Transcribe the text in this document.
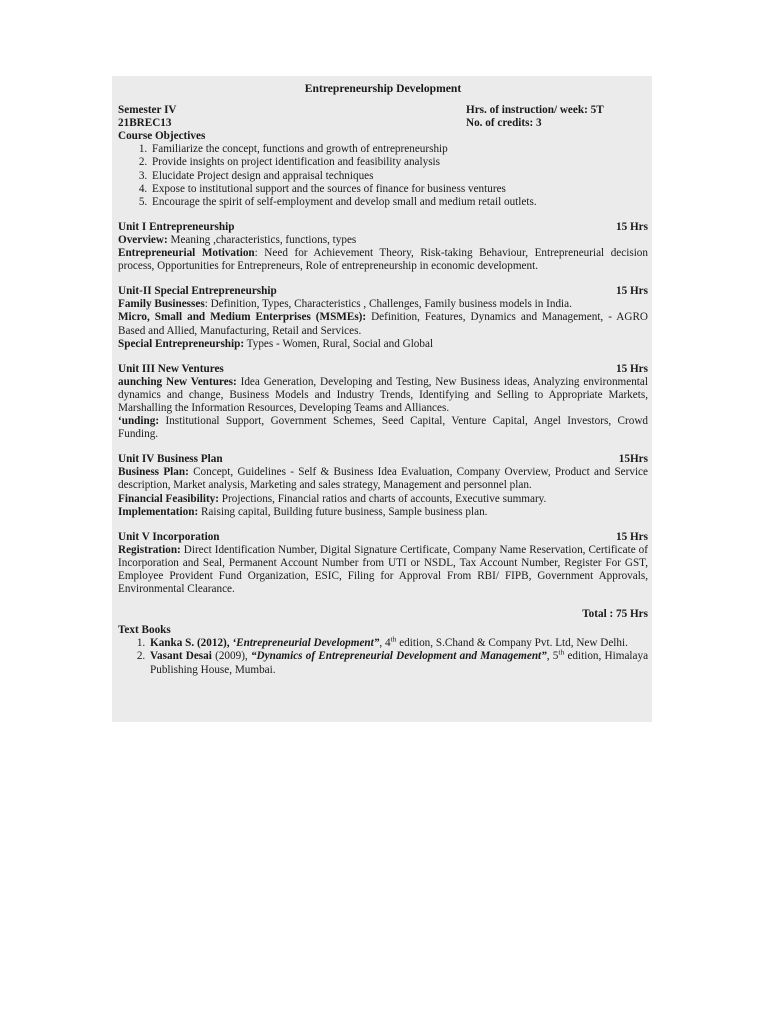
Entrepreneurship Development
Semester IV	Hrs. of instruction/ week: 5T
21BREC13	No. of credits: 3
Course Objectives
1. Familiarize the concept, functions and growth of entrepreneurship
2. Provide insights on project identification and feasibility analysis
3. Elucidate Project design and appraisal techniques
4. Expose to institutional support and the sources of finance for business ventures
5. Encourage the spirit of self-employment and develop small and medium retail outlets.
Unit I Entrepreneurship	15 Hrs
Overview: Meaning ,characteristics, functions, types
Entrepreneurial Motivation: Need for Achievement Theory, Risk-taking Behaviour, Entrepreneurial decision process, Opportunities for Entrepreneurs, Role of entrepreneurship in economic development.
Unit-II Special Entrepreneurship	15 Hrs
Family Businesses: Definition, Types, Characteristics , Challenges, Family business models in India.
Micro, Small and Medium Enterprises (MSMEs): Definition, Features, Dynamics and Management, - AGRO Based and Allied, Manufacturing, Retail and Services.
Special Entrepreneurship: Types - Women, Rural, Social and Global
Unit III New Ventures	15 Hrs
aunching New Ventures: Idea Generation, Developing and Testing, New Business ideas, Analyzing environmental dynamics and change, Business Models and Industry Trends, Identifying and Selling to Appropriate Markets, Marshalling the Information Resources, Developing Teams and Alliances.
‘unding: Institutional Support, Government Schemes, Seed Capital, Venture Capital, Angel Investors, Crowd Funding.
Unit IV Business Plan	15Hrs
Business Plan: Concept, Guidelines - Self & Business Idea Evaluation, Company Overview, Product and Service description, Market analysis, Marketing and sales strategy, Management and personnel plan.
Financial Feasibility: Projections, Financial ratios and charts of accounts, Executive summary.
Implementation: Raising capital, Building future business, Sample business plan.
Unit V Incorporation	15 Hrs
Registration: Direct Identification Number, Digital Signature Certificate, Company Name Reservation, Certificate of Incorporation and Seal, Permanent Account Number from UTI or NSDL, Tax Account Number, Register For GST, Employee Provident Fund Organization, ESIC, Filing for Approval From RBI/ FIPB, Government Approvals, Environmental Clearance.
Total : 75 Hrs
Text Books
1. Kanka S. (2012), ‘Entrepreneurial Development”, 4th edition, S.Chand & Company Pvt. Ltd, New Delhi.
2. Vasant Desai (2009), “Dynamics of Entrepreneurial Development and Management”, 5th edition, Himalaya Publishing House, Mumbai.
